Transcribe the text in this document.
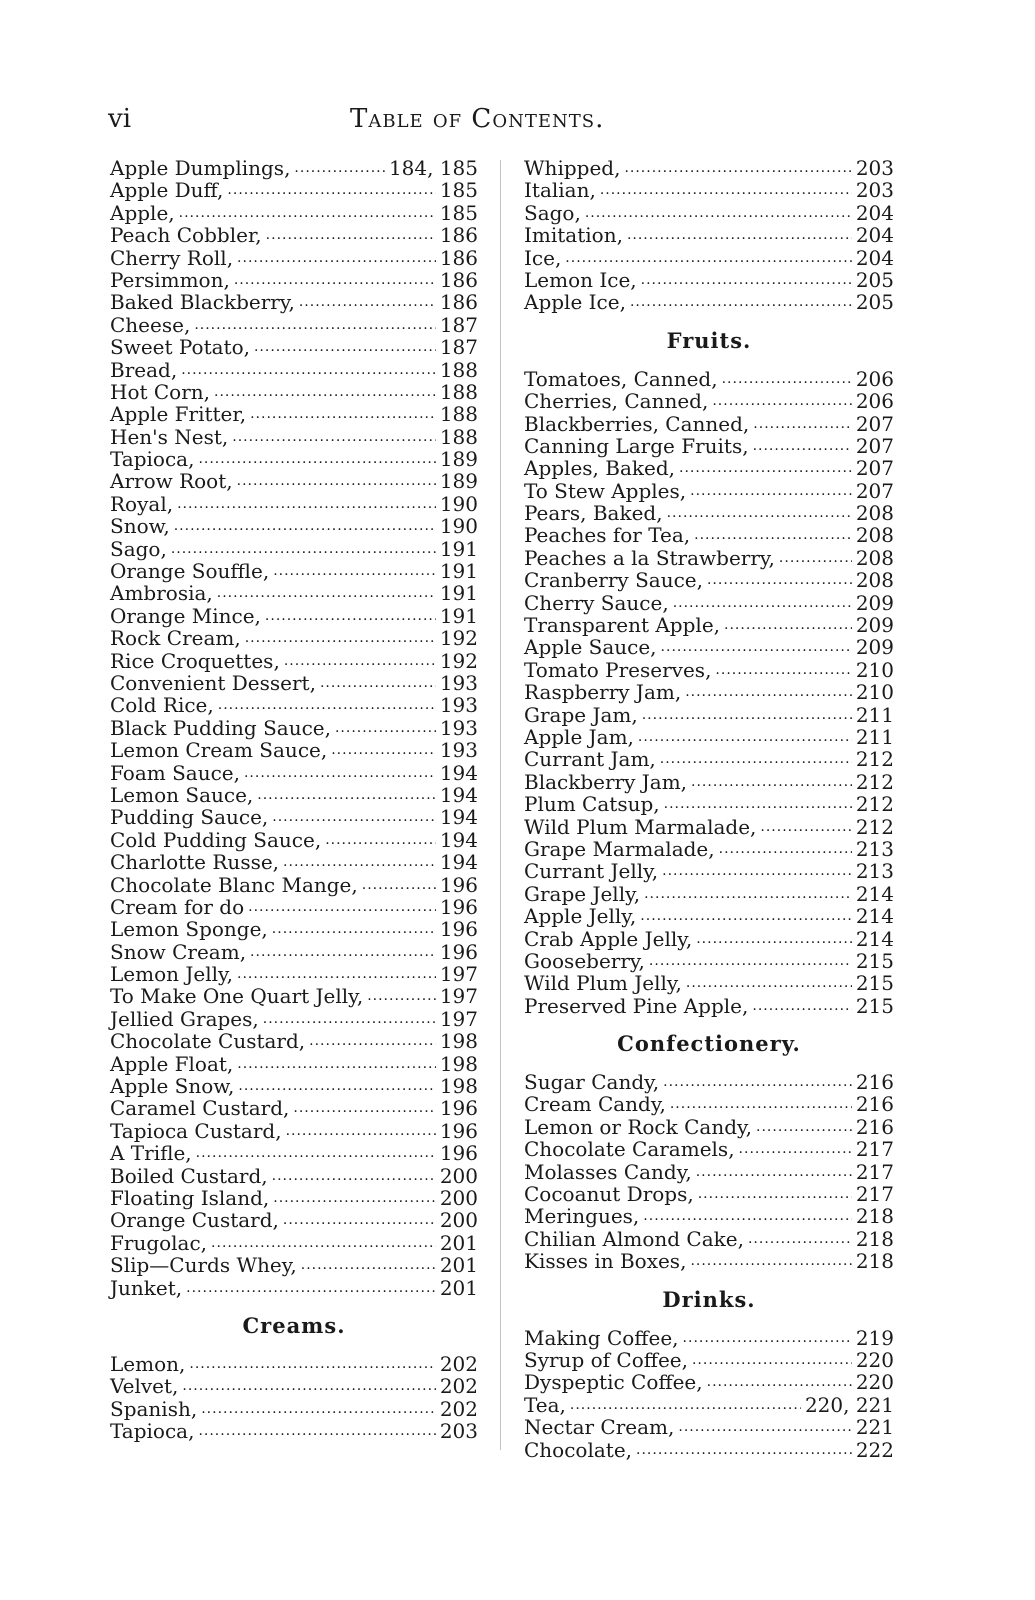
vi	Table of Contents.
Apple Dumplings, .....	184, 185
Apple Duff, .....	185
Apple, .....	185
Peach Cobbler, .....	186
Cherry Roll, .....	186
Persimmon, .....	186
Baked Blackberry, .....	186
Cheese, .....	187
Sweet Potato, .....	187
Bread, .....	188
Hot Corn, .....	188
Apple Fritter, .....	188
Hen's Nest, .....	188
Tapioca, .....	189
Arrow Root, .....	189
Royal, .....	190
Snow, .....	190
Sago, .....	191
Orange Souffle, .....	191
Ambrosia, .....	191
Orange Mince, .....	191
Rock Cream, .....	192
Rice Croquettes, .....	192
Convenient Dessert, .....	193
Cold Rice, .....	193
Black Pudding Sauce, .....	193
Lemon Cream Sauce, .....	193
Foam Sauce, .....	194
Lemon Sauce, .....	194
Pudding Sauce, .....	194
Cold Pudding Sauce, .....	194
Charlotte Russe, .....	194
Chocolate Blanc Mange, .....	196
Cream for do .....	196
Lemon Sponge, .....	196
Snow Cream, .....	196
Lemon Jelly, .....	197
To Make One Quart Jelly, .....	197
Jellied Grapes, .....	197
Chocolate Custard, .....	198
Apple Float, .....	198
Apple Snow, .....	198
Caramel Custard, .....	196
Tapioca Custard, .....	196
A Trifle, .....	196
Boiled Custard, .....	200
Floating Island, .....	200
Orange Custard, .....	200
Frugolac, .....	201
Slip—Curds Whey, .....	201
Junket, .....	201
Creams.
Lemon, .....	202
Velvet, .....	202
Spanish, .....	202
Tapioca, .....	203
Whipped, .....	203
Italian, .....	203
Sago, .....	204
Imitation, .....	204
Ice, .....	204
Lemon Ice, .....	205
Apple Ice, .....	205
Fruits.
Tomatoes, Canned, .....	206
Cherries, Canned, .....	206
Blackberries, Canned, .....	207
Canning Large Fruits, .....	207
Apples, Baked, .....	207
To Stew Apples, .....	207
Pears, Baked, .....	208
Peaches for Tea, .....	208
Peaches a la Strawberry, .....	208
Cranberry Sauce, .....	208
Cherry Sauce, .....	209
Transparent Apple, .....	209
Apple Sauce, .....	209
Tomato Preserves, .....	210
Raspberry Jam, .....	210
Grape Jam, .....	211
Apple Jam, .....	211
Currant Jam, .....	212
Blackberry Jam, .....	212
Plum Catsup, .....	212
Wild Plum Marmalade, .....	212
Grape Marmalade, .....	213
Currant Jelly, .....	213
Grape Jelly, .....	214
Apple Jelly, .....	214
Crab Apple Jelly, .....	214
Gooseberry, .....	215
Wild Plum Jelly, .....	215
Preserved Pine Apple, .....	215
Confectionery.
Sugar Candy, .....	216
Cream Candy, .....	216
Lemon or Rock Candy, .....	216
Chocolate Caramels, .....	217
Molasses Candy, .....	217
Cocoanut Drops, .....	217
Meringues, .....	218
Chilian Almond Cake, .....	218
Kisses in Boxes, .....	218
Drinks.
Making Coffee, .....	219
Syrup of Coffee, .....	220
Dyspeptic Coffee, .....	220
Tea, .....	220, 221
Nectar Cream, .....	221
Chocolate, .....	222
